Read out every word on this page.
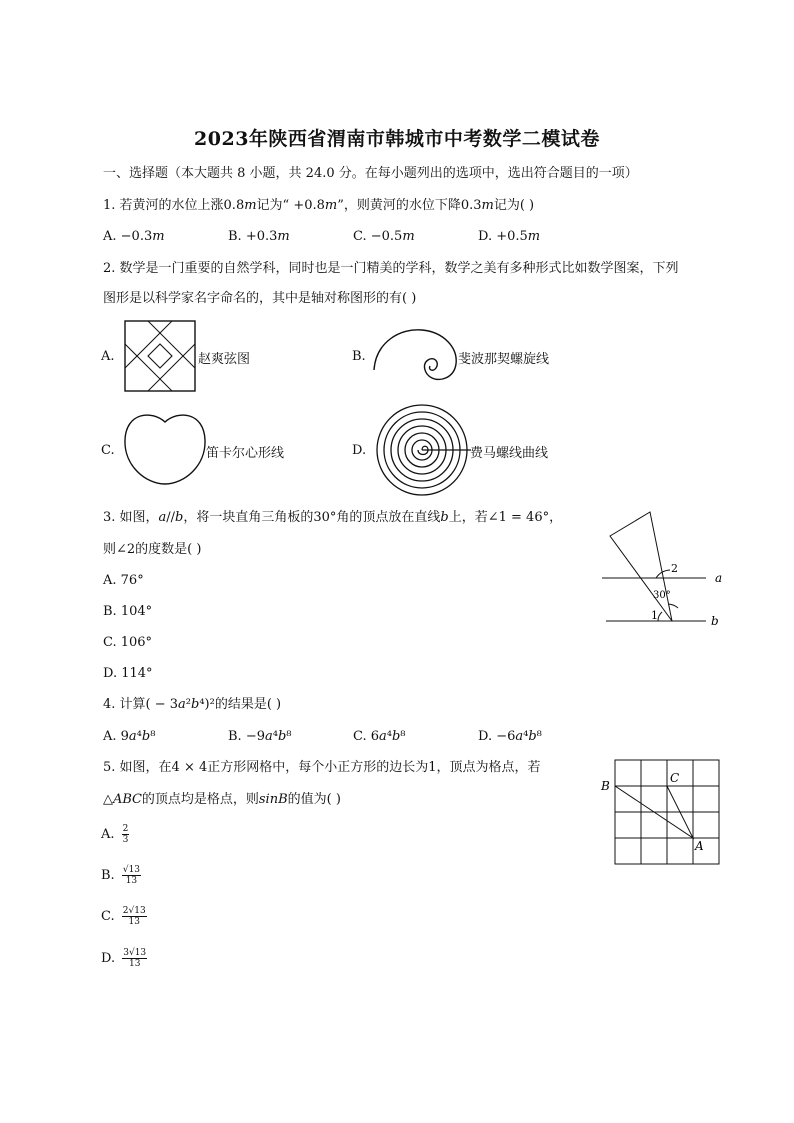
2023年陕西省渭南市韩城市中考数学二模试卷
一、选择题（本大题共 8 小题，共 24.0 分。在每小题列出的选项中，选出符合题目的一项）
1. 若黄河的水位上涨0.8𝑚记为“ +0.8𝑚”，则黄河的水位下降0.3𝑚记为( )
A. −0.3𝑚	B. +0.3𝑚	C. −0.5𝑚	D. +0.5𝑚
2. 数学是一门重要的自然学科，同时也是一门精美的学科，数学之美有多种形式比如数学图案，下列
图形是以科学家名字命名的，其中是轴对称图形的有( )
A.	赵爽弦图	B.	斐波那契螺旋线
C.	笛卡尔心形线	D.	费马螺线曲线
3. 如图，𝑎//𝑏，将一块直角三角板的30°角的顶点放在直线𝑏上，若∠1 = 46°，
则∠2的度数是( )
A. 76°
B. 104°
C. 106°
D. 114°
a
b
1
2
30°
4. 计算( − 3𝑎²𝑏⁴)²的结果是( )
A. 9𝑎⁴𝑏⁸	B. −9𝑎⁴𝑏⁸	C. 6𝑎⁴𝑏⁸	D. −6𝑎⁴𝑏⁸
5. 如图，在4 × 4正方形网格中，每个小正方形的边长为1，顶点为格点，若
△𝐴𝐵𝐶的顶点均是格点，则𝑠𝑖𝑛𝐵的值为( )
A. $\frac{2}{3}$
B. $\frac{√13}{13}$
C. $\frac{2√13}{13}$
D. $\frac{3√13}{13}$
B
C
A
